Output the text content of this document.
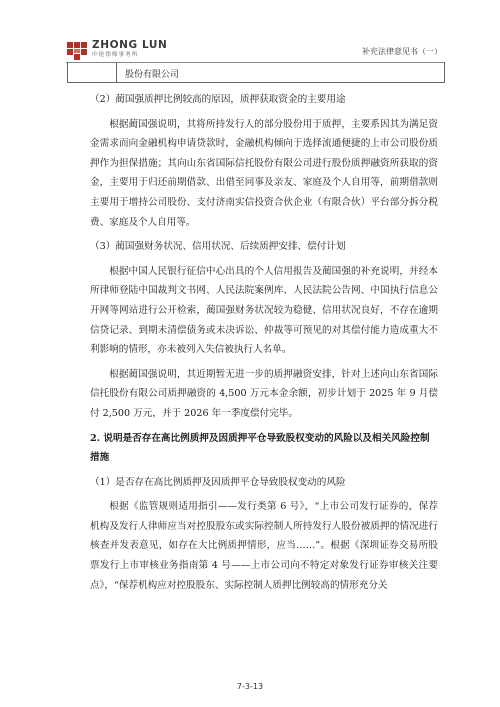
ZHONG LUN
中伦律师事务所	补充法律意见书（一）
股份有限公司

（2）蔺国强质押比例较高的原因，质押获取资金的主要用途

根据蔺国强说明，其将所持发行人的部分股份用于质押，主要系因其为满足资金需求而向金融机构申请贷款时，金融机构倾向于选择流通便捷的上市公司股份质押作为担保措施；其向山东省国际信托股份有限公司进行股份质押融资所获取的资金，主要用于归还前期借款、出借至同事及亲友、家庭及个人自用等，前期借款则主要用于增持公司股份、支付济南实信投资合伙企业（有限合伙）平台部分拆分税费、家庭及个人自用等。

（3）蔺国强财务状况、信用状况、后续质押安排、偿付计划

根据中国人民银行征信中心出具的个人信用报告及蔺国强的补充说明，并经本所律师登陆中国裁判文书网、人民法院案例库、人民法院公告网、中国执行信息公开网等网站进行公开检索，蔺国强财务状况较为稳健、信用状况良好，不存在逾期信贷记录、到期未清偿债务或未决诉讼、仲裁等可预见的对其偿付能力造成重大不利影响的情形，亦未被列入失信被执行人名单。

根据蔺国强说明，其近期暂无进一步的质押融资安排，针对上述向山东省国际信托股份有限公司质押融资的 4,500 万元本金余额，初步计划于 2025 年 9 月偿付 2,500 万元，并于 2026 年一季度偿付完毕。

2. 说明是否存在高比例质押及因质押平仓导致股权变动的风险以及相关风险控制措施

（1）是否存在高比例质押及因质押平仓导致股权变动的风险

根据《监管规则适用指引——发行类第 6 号》，“上市公司发行证券的，保荐机构及发行人律师应当对控股股东或实际控制人所持发行人股份被质押的情况进行核查并发表意见，如存在大比例质押情形，应当……”。根据《深圳证券交易所股票发行上市审核业务指南第 4 号——上市公司向不特定对象发行证券审核关注要点》，“保荐机构应对控股股东、实际控制人质押比例较高的情形充分关

7-3-13
